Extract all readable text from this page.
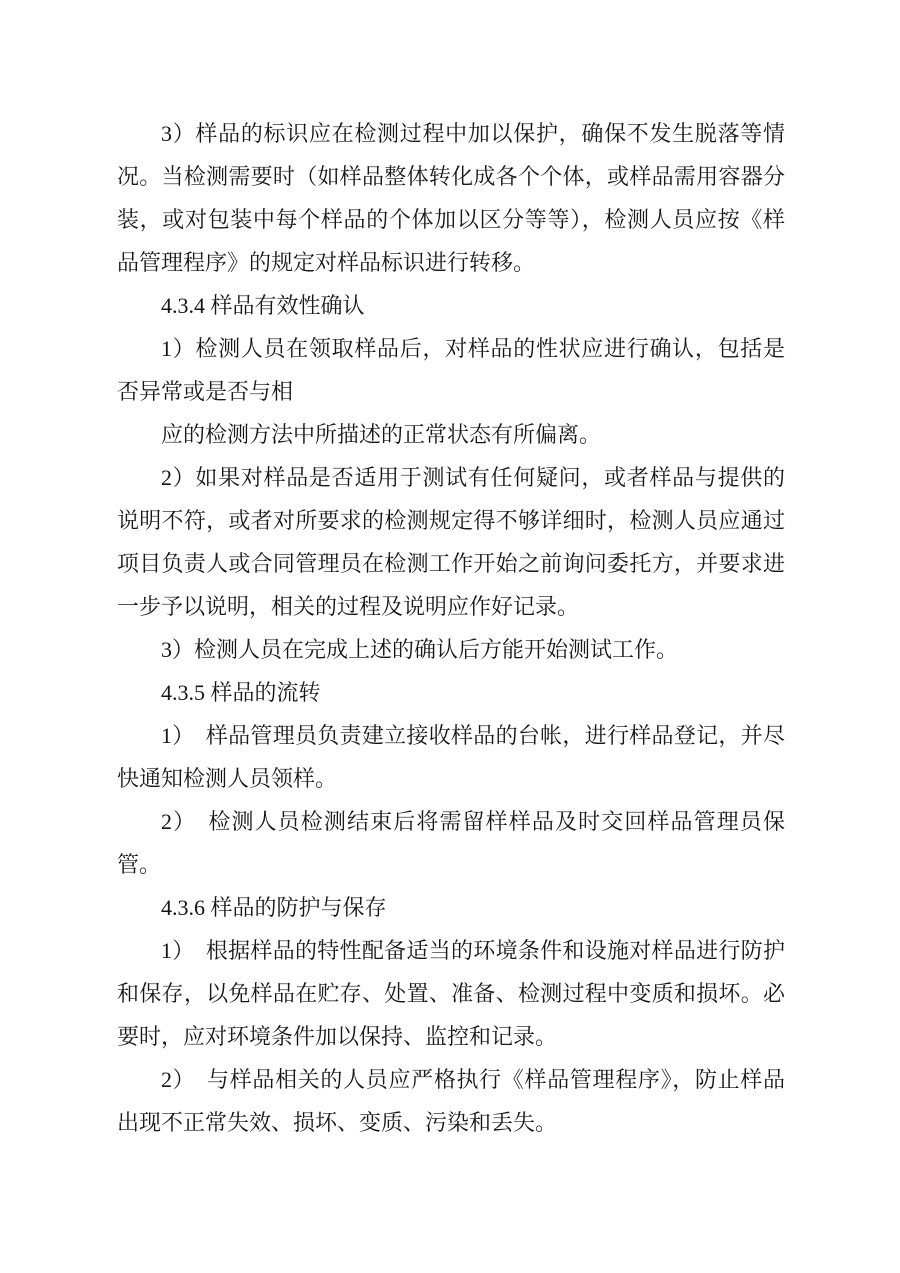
3）样品的标识应在检测过程中加以保护，确保不发生脱落等情况。当检测需要时（如样品整体转化成各个个体，或样品需用容器分装，或对包装中每个样品的个体加以区分等等），检测人员应按《样品管理程序》的规定对样品标识进行转移。

4.3.4 样品有效性确认

1）检测人员在领取样品后，对样品的性状应进行确认，包括是否异常或是否与相

应的检测方法中所描述的正常状态有所偏离。

2）如果对样品是否适用于测试有任何疑问，或者样品与提供的说明不符，或者对所要求的检测规定得不够详细时，检测人员应通过项目负责人或合同管理员在检测工作开始之前询问委托方，并要求进一步予以说明，相关的过程及说明应作好记录。

3）检测人员在完成上述的确认后方能开始测试工作。

4.3.5 样品的流转

1）　样品管理员负责建立接收样品的台帐，进行样品登记，并尽快通知检测人员领样。

2）　检测人员检测结束后将需留样样品及时交回样品管理员保管。

4.3.6 样品的防护与保存

1）　根据样品的特性配备适当的环境条件和设施对样品进行防护和保存，以免样品在贮存、处置、准备、检测过程中变质和损坏。必要时，应对环境条件加以保持、监控和记录。

2）　与样品相关的人员应严格执行《样品管理程序》，防止样品出现不正常失效、损坏、变质、污染和丢失。
